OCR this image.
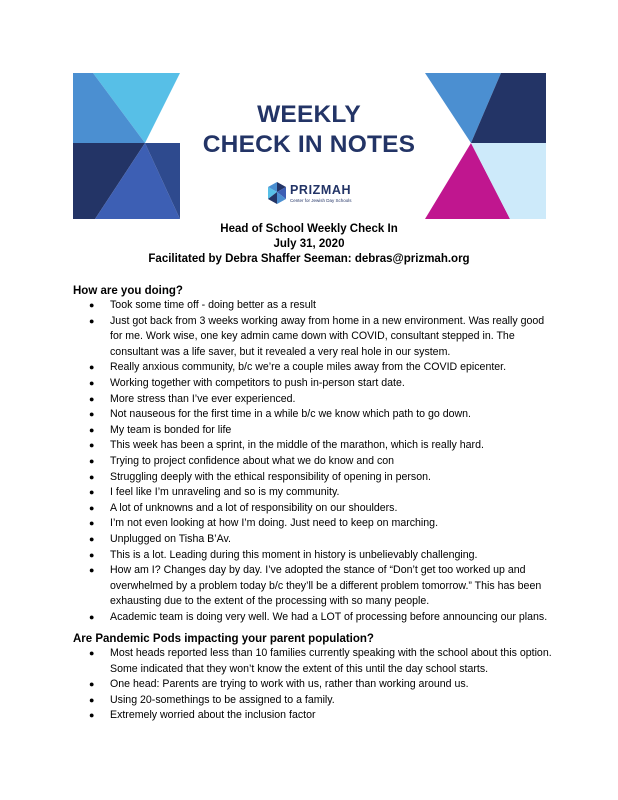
WEEKLY
CHECK IN NOTES
PRIZMAH
Center for Jewish Day Schools
Head of School Weekly Check In
July 31, 2020
Facilitated by Debra Shaffer Seeman: debras@prizmah.org
How are you doing?
● Took some time off - doing better as a result
● Just got back from 3 weeks working away from home in a new environment. Was really good for me. Work wise, one key admin came down with COVID, consultant stepped in. The consultant was a life saver, but it revealed a very real hole in our system.
● Really anxious community, b/c we’re a couple miles away from the COVID epicenter.
● Working together with competitors to push in-person start date.
● More stress than I’ve ever experienced.
● Not nauseous for the first time in a while b/c we know which path to go down.
● My team is bonded for life
● This week has been a sprint, in the middle of the marathon, which is really hard.
● Trying to project confidence about what we do know and con
● Struggling deeply with the ethical responsibility of opening in person.
● I feel like I’m unraveling and so is my community.
● A lot of unknowns and a lot of responsibility on our shoulders.
● I’m not even looking at how I’m doing. Just need to keep on marching.
● Unplugged on Tisha B’Av.
● This is a lot. Leading during this moment in history is unbelievably challenging.
● How am I? Changes day by day. I’ve adopted the stance of “Don’t get too worked up and overwhelmed by a problem today b/c they’ll be a different problem tomorrow.” This has been exhausting due to the extent of the processing with so many people.
● Academic team is doing very well. We had a LOT of processing before announcing our plans.
Are Pandemic Pods impacting your parent population?
● Most heads reported less than 10 families currently speaking with the school about this option. Some indicated that they won’t know the extent of this until the day school starts.
● One head: Parents are trying to work with us, rather than working around us.
● Using 20-somethings to be assigned to a family.
● Extremely worried about the inclusion factor
